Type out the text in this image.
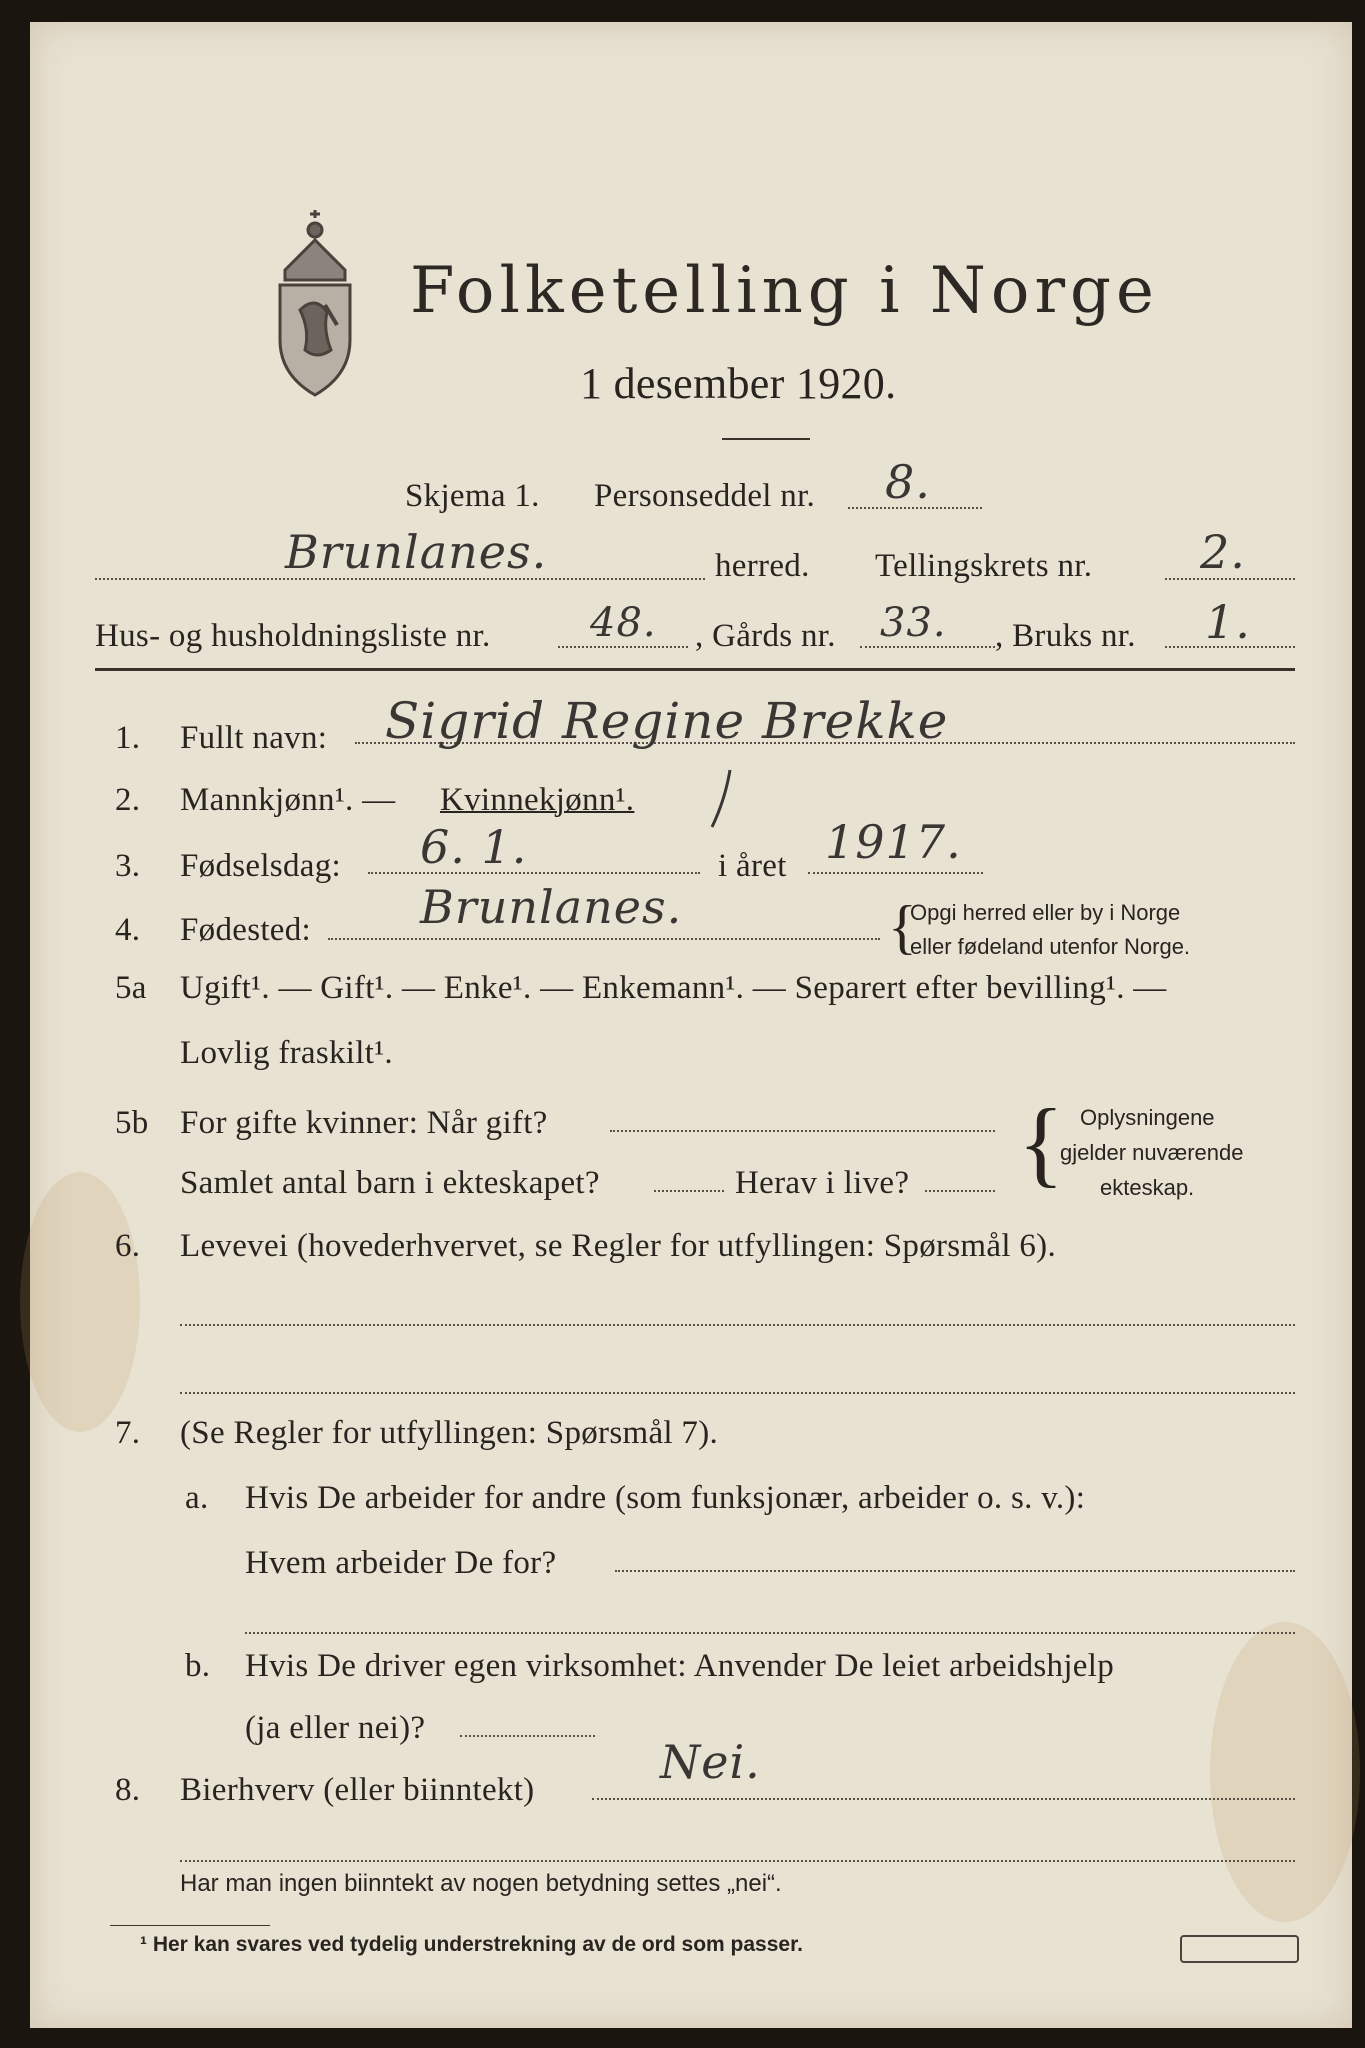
Folketelling i Norge
1 desember 1920.
Skjema 1. Personseddel nr. 8.
Brunlanes.	herred. Tellingskrets nr. 2.
Hus- og husholdningsliste nr. 48. , Gårds nr. 33. , Bruks nr. 1.
1. Fullt navn: Sigrid Regine Brekke
2. Mannkjønn¹. — Kvinnekjønn¹.
3. Fødselsdag: 6. 1.	i året 1917.
4. Fødested: Brunlanes.	{
Opgi herred eller by i Norge
eller fødeland utenfor Norge.
5a Ugift¹. — Gift¹. — Enke¹. — Enkemann¹. — Separert efter bevilling¹. —
Lovlig fraskilt¹.
5b For gifte kvinner: Når gift?
Samlet antal barn i ekteskapet?	Herav i live? { Oplysningene
gjelder nuværende
ekteskap.
6. Levevei (hovederhvervet, se Regler for utfyllingen: Spørsmål 6).
7. (Se Regler for utfyllingen: Spørsmål 7).
a. Hvis De arbeider for andre (som funksjonær, arbeider o. s. v.):
Hvem arbeider De for?
b. Hvis De driver egen virksomhet: Anvender De leiet arbeidshjelp
(ja eller nei)?
8. Bierhverv (eller biinntekt)
Nei.
Har man ingen biinntekt av nogen betydning settes „nei“.
¹ Her kan svares ved tydelig understrekning av de ord som passer.
